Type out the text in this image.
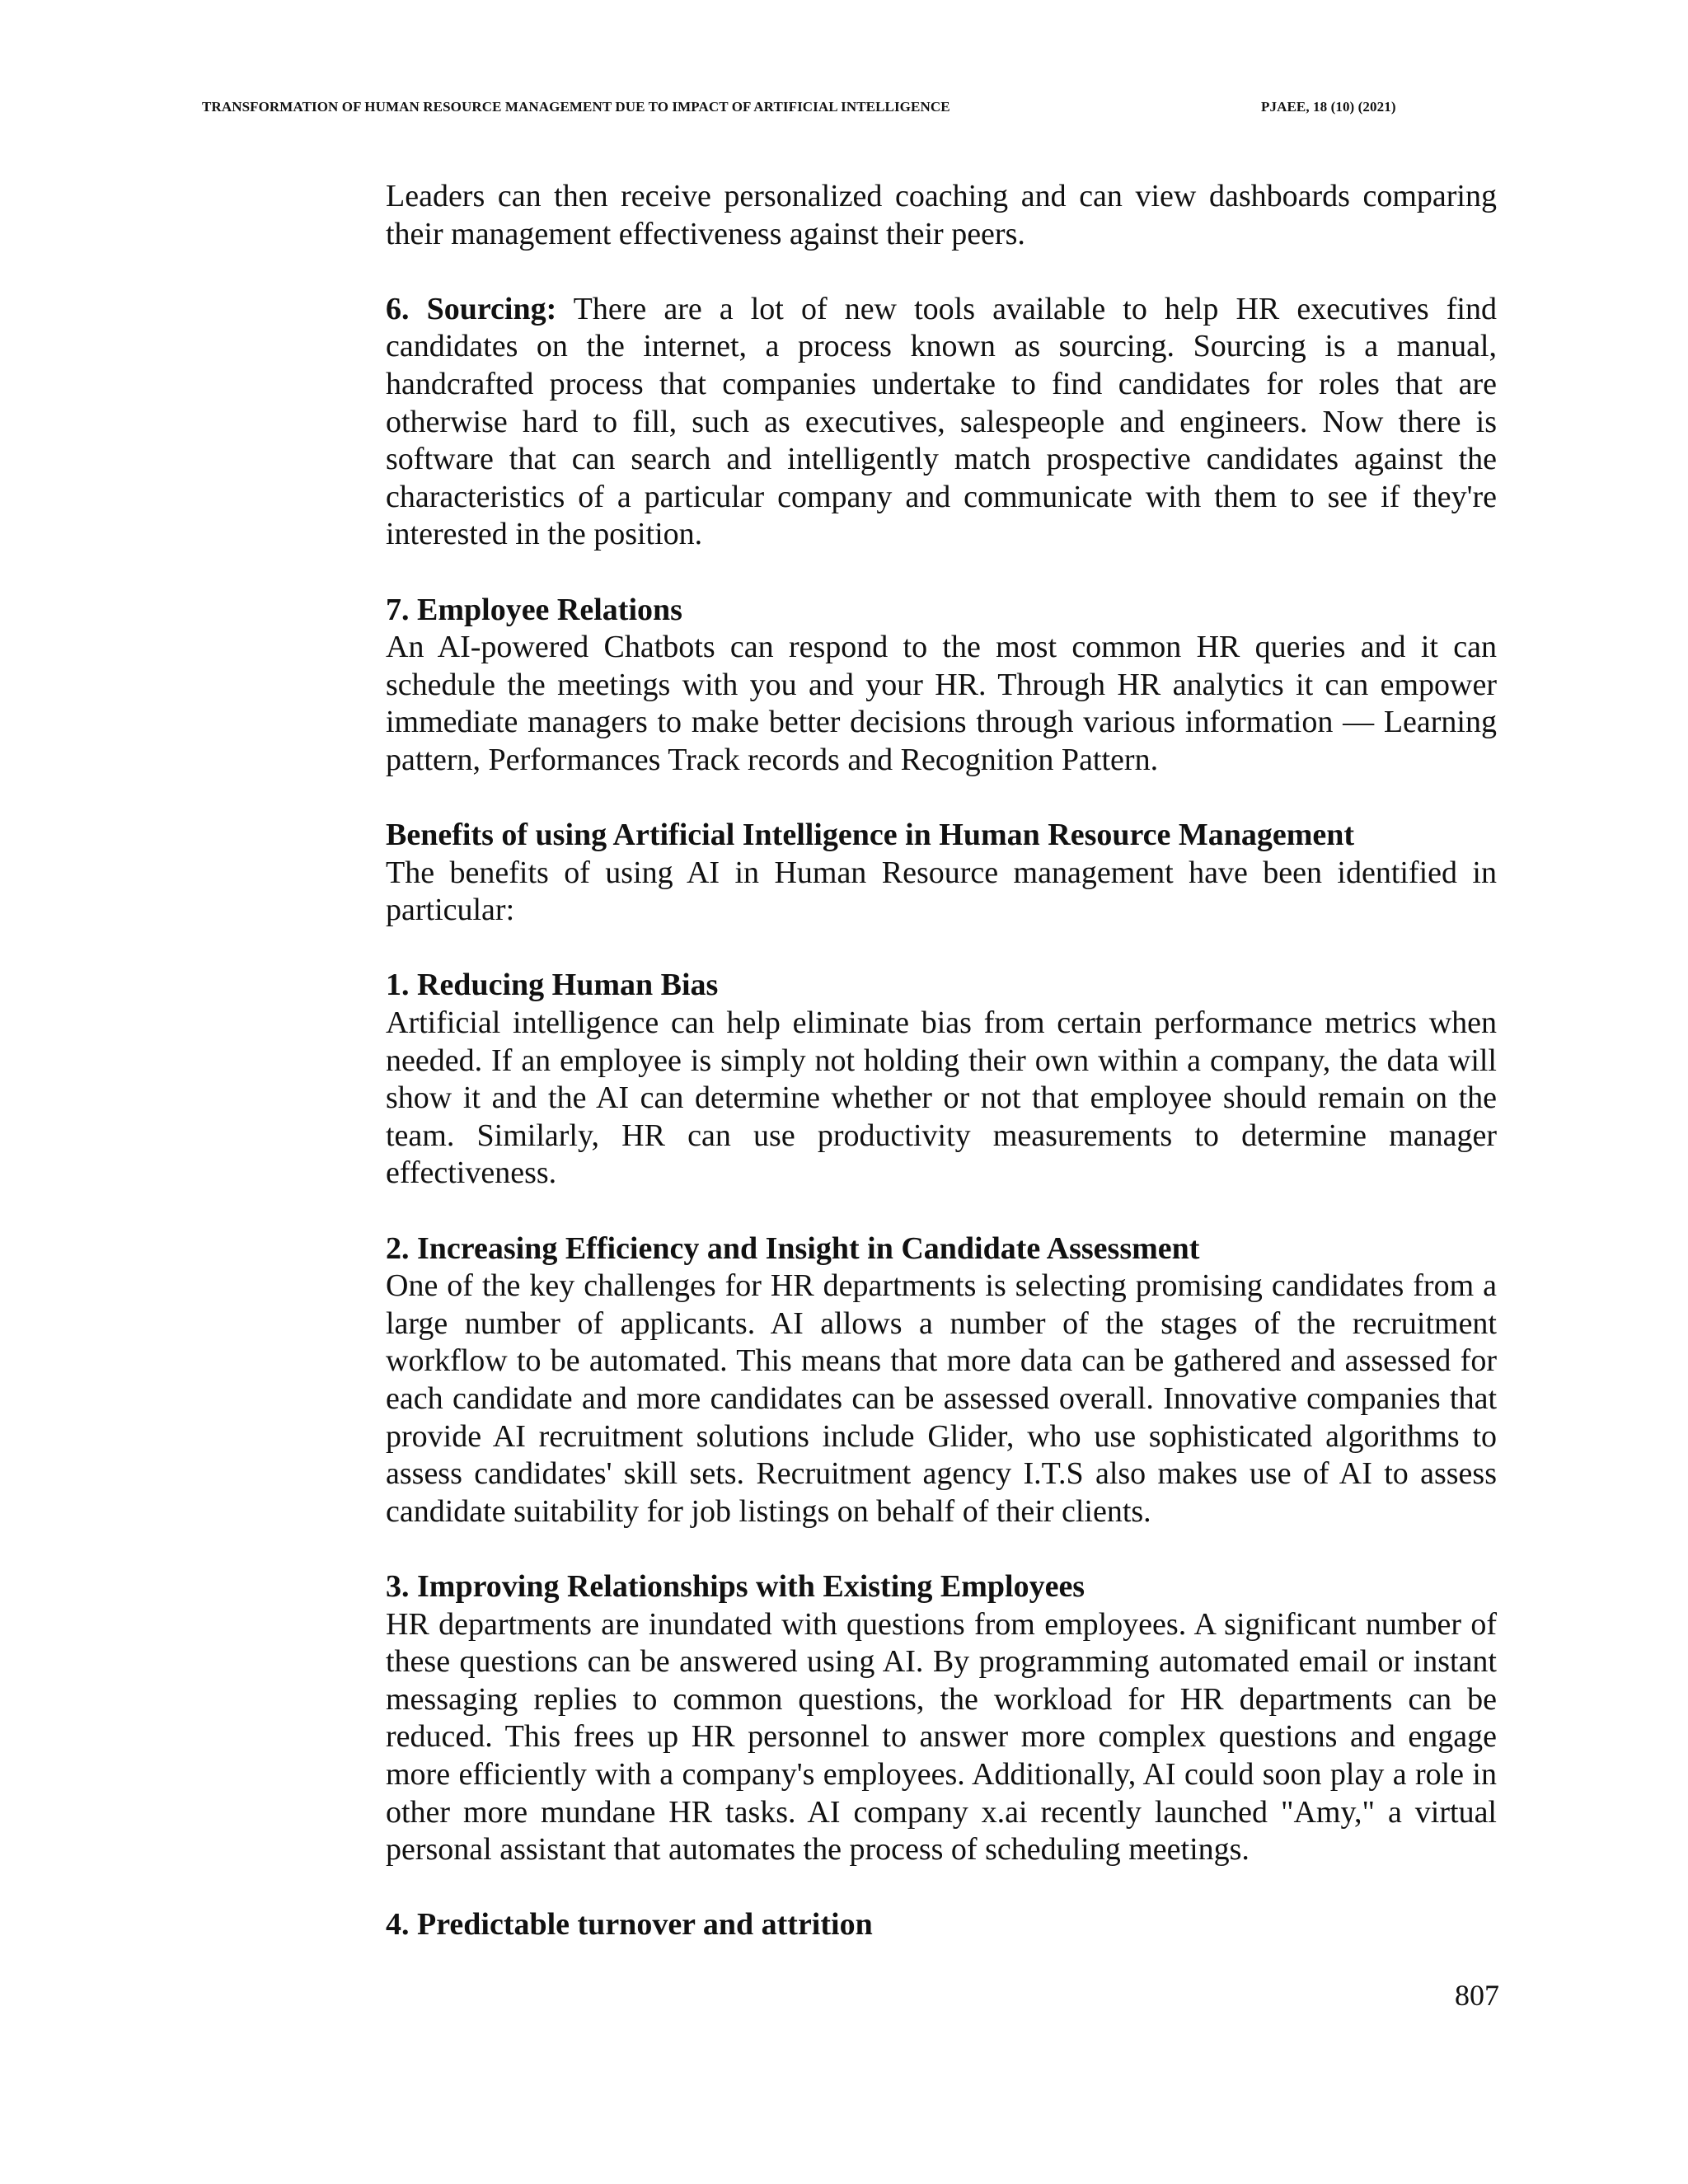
TRANSFORMATION OF HUMAN RESOURCE MANAGEMENT DUE TO IMPACT OF ARTIFICIAL INTELLIGENCE	PJAEE, 18 (10) (2021)

Leaders can then receive personalized coaching and can view dashboards comparing their management effectiveness against their peers.

6. Sourcing: There are a lot of new tools available to help HR executives find candidates on the internet, a process known as sourcing. Sourcing is a manual, handcrafted process that companies undertake to find candidates for roles that are otherwise hard to fill, such as executives, salespeople and engineers. Now there is software that can search and intelligently match prospective candidates against the characteristics of a particular company and communicate with them to see if they're interested in the position.

7. Employee Relations

An AI-powered Chatbots can respond to the most common HR queries and it can schedule the meetings with you and your HR. Through HR analytics it can empower immediate managers to make better decisions through various information — Learning pattern, Performances Track records and Recognition Pattern.

Benefits of using Artificial Intelligence in Human Resource Management

The benefits of using AI in Human Resource management have been identified in particular:

1. Reducing Human Bias

Artificial intelligence can help eliminate bias from certain performance metrics when needed. If an employee is simply not holding their own within a company, the data will show it and the AI can determine whether or not that employee should remain on the team. Similarly, HR can use productivity measurements to determine manager effectiveness.

2. Increasing Efficiency and Insight in Candidate Assessment

One of the key challenges for HR departments is selecting promising candidates from a large number of applicants. AI allows a number of the stages of the recruitment workflow to be automated. This means that more data can be gathered and assessed for each candidate and more candidates can be assessed overall. Innovative companies that provide AI recruitment solutions include Glider, who use sophisticated algorithms to assess candidates' skill sets. Recruitment agency I.T.S also makes use of AI to assess candidate suitability for job listings on behalf of their clients.

3. Improving Relationships with Existing Employees

HR departments are inundated with questions from employees. A significant number of these questions can be answered using AI. By programming automated email or instant messaging replies to common questions, the workload for HR departments can be reduced. This frees up HR personnel to answer more complex questions and engage more efficiently with a company's employees. Additionally, AI could soon play a role in other more mundane HR tasks. AI company x.ai recently launched "Amy," a virtual personal assistant that automates the process of scheduling meetings.

4. Predictable turnover and attrition

807
